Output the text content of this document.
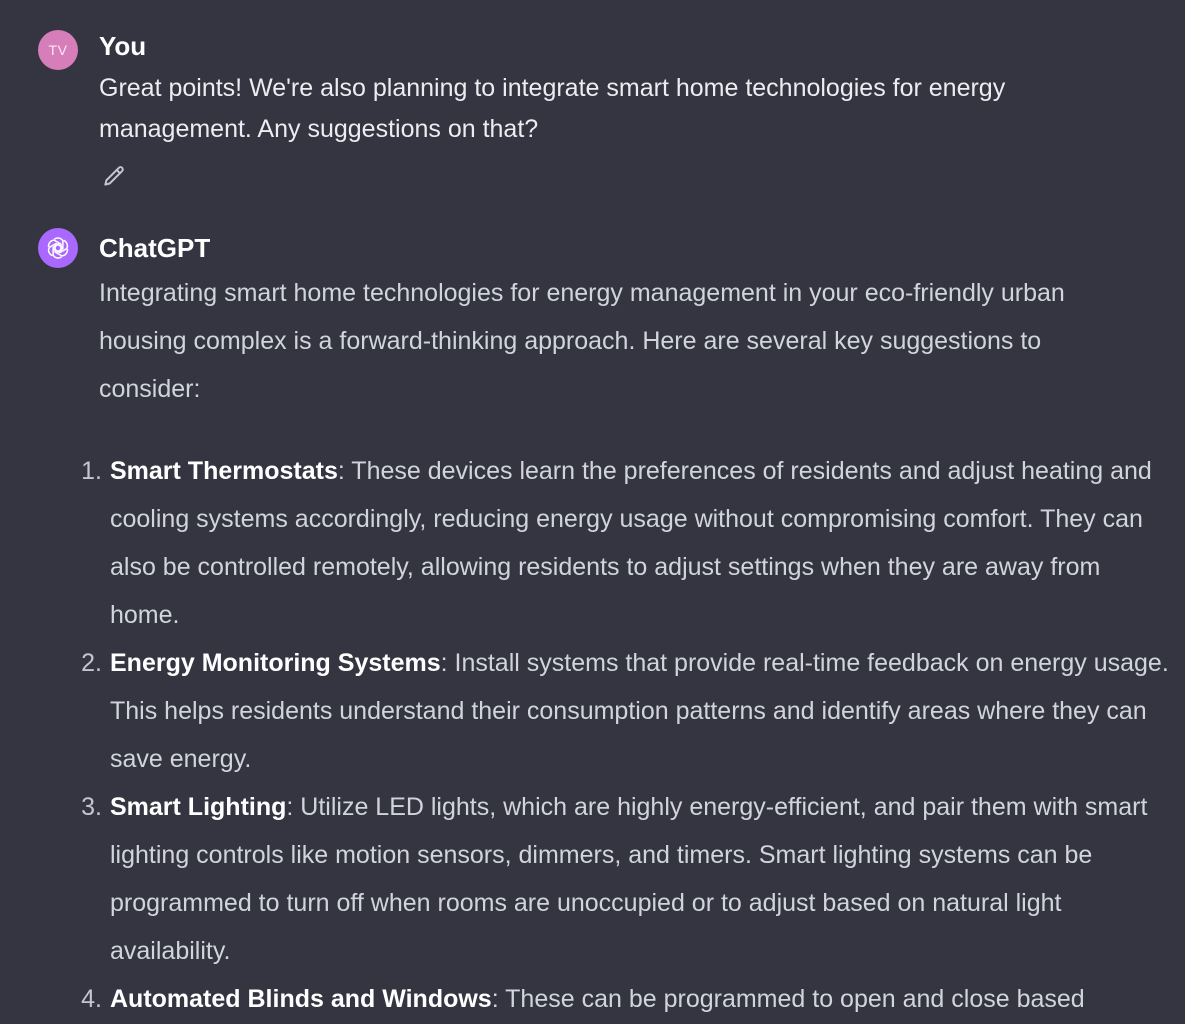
TV You
Great points! We're also planning to integrate smart home technologies for energy management. Any suggestions on that?
ChatGPT
Integrating smart home technologies for energy management in your eco-friendly urban housing complex is a forward-thinking approach. Here are several key suggestions to consider:
1. Smart Thermostats: These devices learn the preferences of residents and adjust heating and cooling systems accordingly, reducing energy usage without compromising comfort. They can also be controlled remotely, allowing residents to adjust settings when they are away from home.
2. Energy Monitoring Systems: Install systems that provide real-time feedback on energy usage. This helps residents understand their consumption patterns and identify areas where they can save energy.
3. Smart Lighting: Utilize LED lights, which are highly energy-efficient, and pair them with smart lighting controls like motion sensors, dimmers, and timers. Smart lighting systems can be programmed to turn off when rooms are unoccupied or to adjust based on natural light availability.
4. Automated Blinds and Windows: These can be programmed to open and close based
